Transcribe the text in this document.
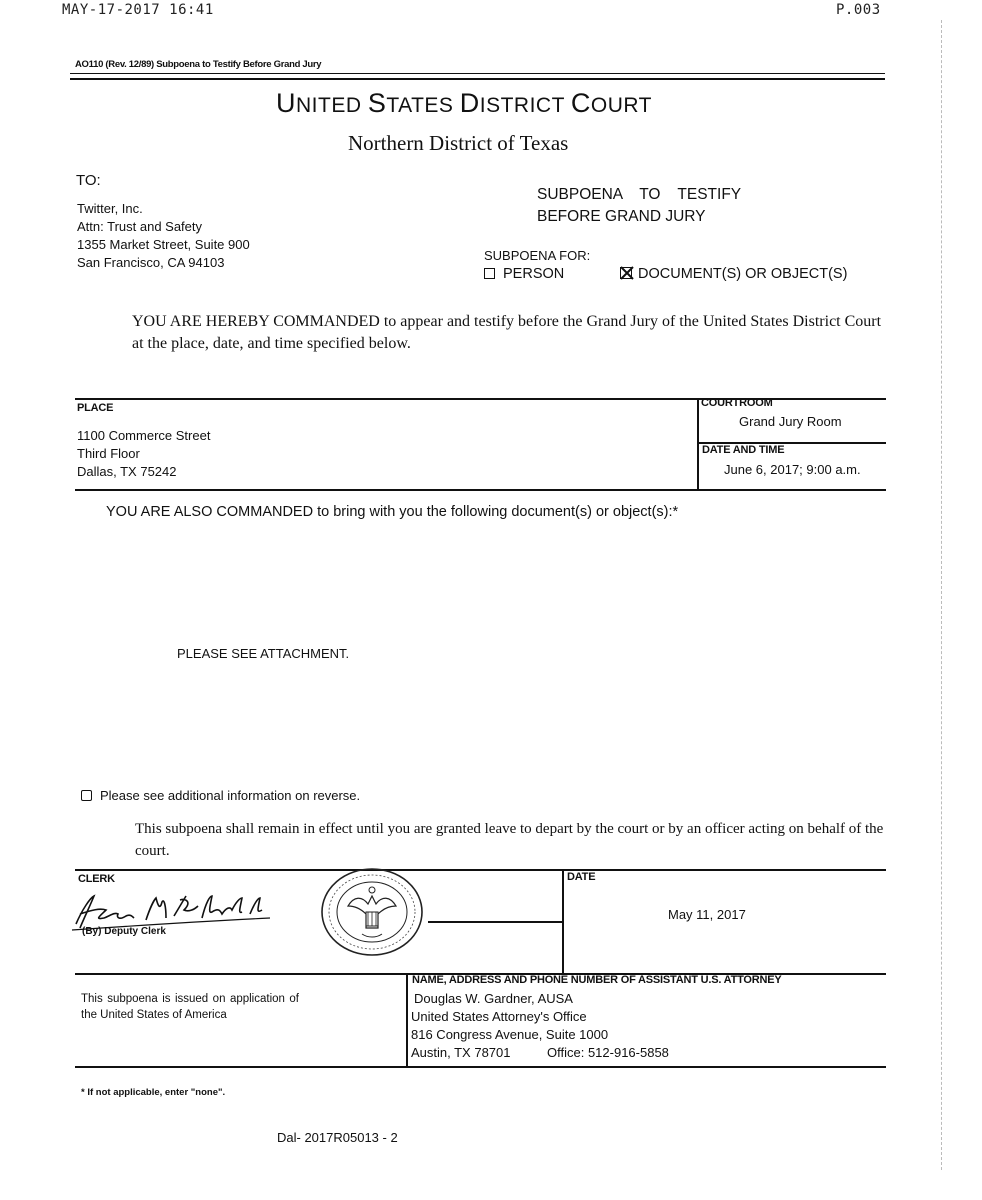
MAY-17-2017 16:41	P.003
AO110 (Rev. 12/89) Subpoena to Testify Before Grand Jury
UNITED STATES DISTRICT COURT
Northern District of Texas
TO:
Twitter, Inc.
Attn: Trust and Safety
1355 Market Street, Suite 900
San Francisco, CA 94103
SUBPOENA    TO    TESTIFY
BEFORE GRAND JURY
SUBPOENA FOR:
PERSON	DOCUMENT(S) OR OBJECT(S)
YOU ARE HEREBY COMMANDED to appear and testify before the Grand Jury of the United States District Court at the place, date, and time specified below.
PLACE
1100 Commerce Street
Third Floor
Dallas, TX 75242
COURTROOM
Grand Jury Room
DATE AND TIME
June 6, 2017; 9:00 a.m.
YOU ARE ALSO COMMANDED to bring with you the following document(s) or object(s):*
PLEASE SEE ATTACHMENT.
Please see additional information on reverse.
This subpoena shall remain in effect until you are granted leave to depart by the court or by an officer acting on behalf of the court.
CLERK
(By) Deputy Clerk
DATE
May 11, 2017
This subpoena is issued on application of the United States of America
NAME, ADDRESS AND PHONE NUMBER OF ASSISTANT U.S. ATTORNEY
Douglas W. Gardner, AUSA
United States Attorney's Office
816 Congress Avenue, Suite 1000
Austin, TX 78701	Office: 512-916-5858
* If not applicable, enter "none".
Dal- 2017R05013 - 2
